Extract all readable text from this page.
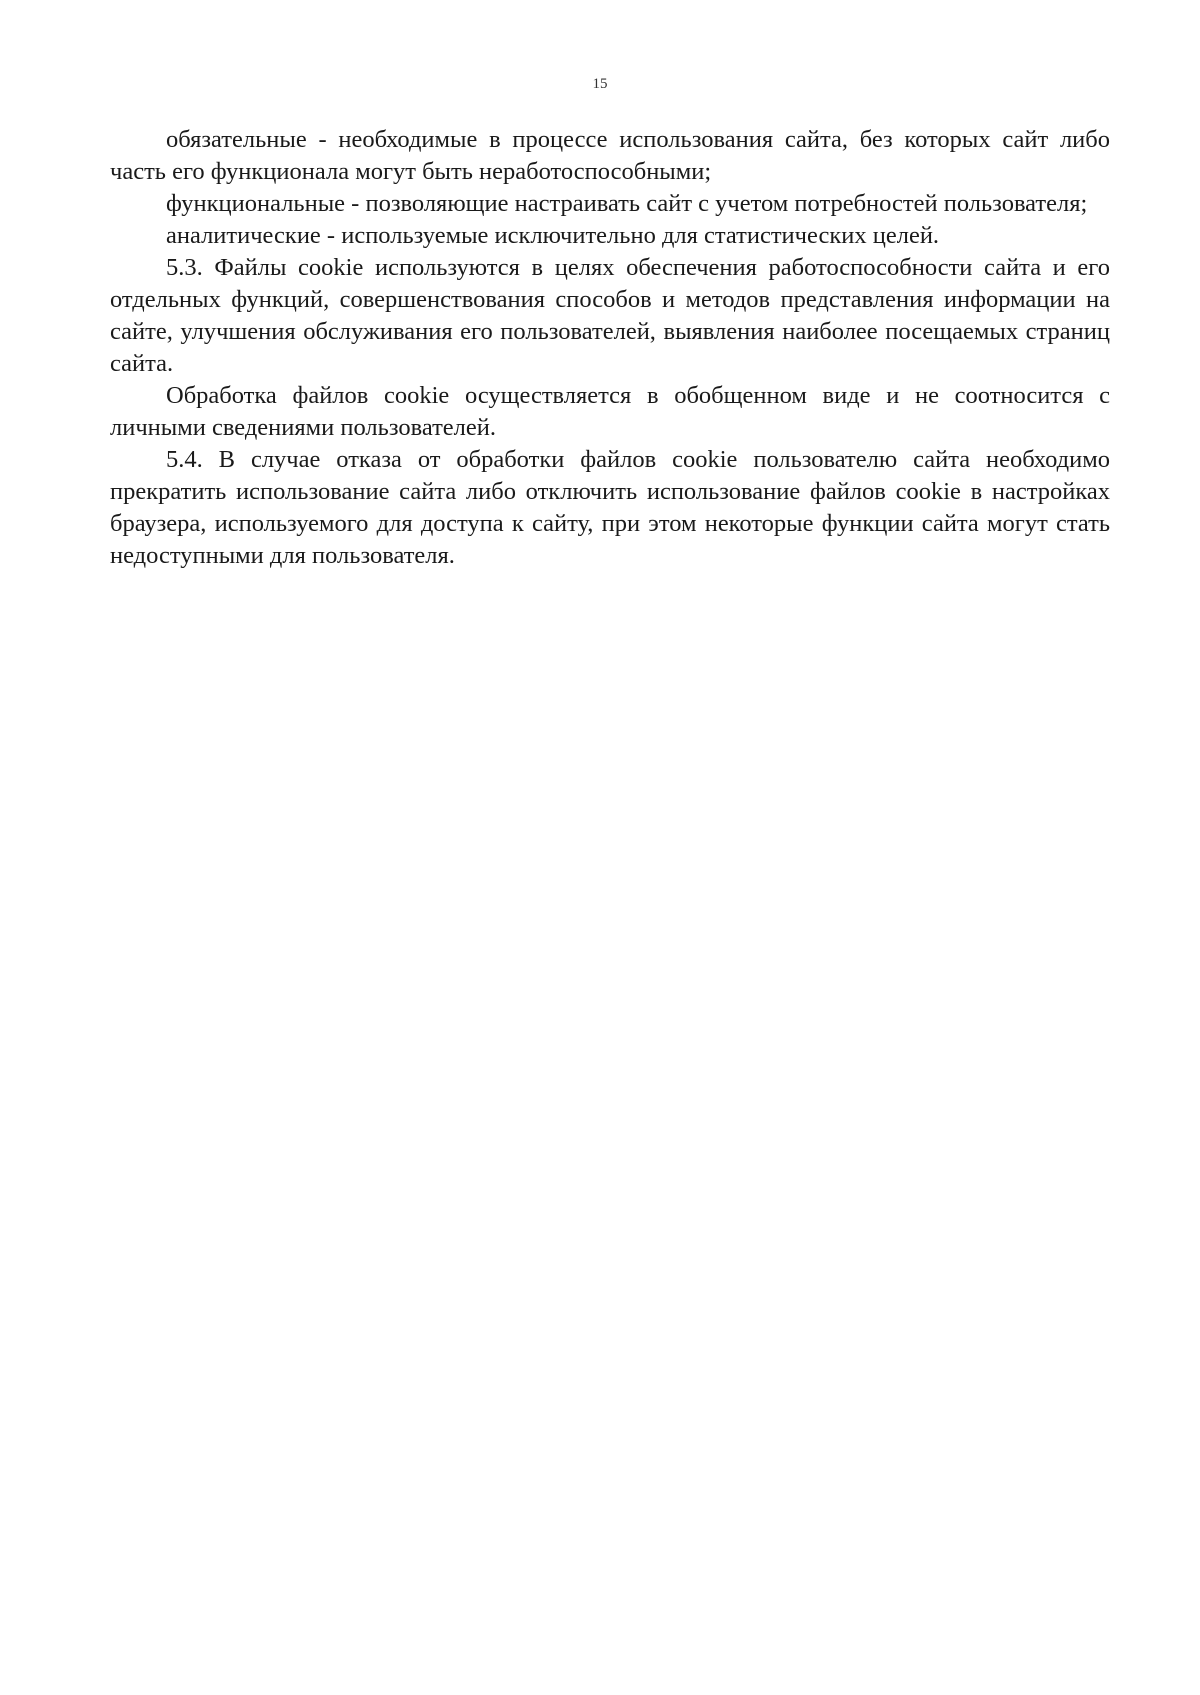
15

обязательные - необходимые в процессе использования сайта, без которых сайт либо часть его функционала могут быть неработоспособными;

функциональные - позволяющие настраивать сайт с учетом потребностей пользователя;

аналитические - используемые исключительно для статистических целей.

5.3. Файлы cookie используются в целях обеспечения работоспособности сайта и его отдельных функций, совершенствования способов и методов представления информации на сайте, улучшения обслуживания его пользователей, выявления наиболее посещаемых страниц сайта.

Обработка файлов cookie осуществляется в обобщенном виде и не соотносится с личными сведениями пользователей.

5.4. В случае отказа от обработки файлов cookie пользователю сайта необходимо прекратить использование сайта либо отключить использование файлов cookie в настройках браузера, используемого для доступа к сайту, при этом некоторые функции сайта могут стать недоступными для пользователя.
